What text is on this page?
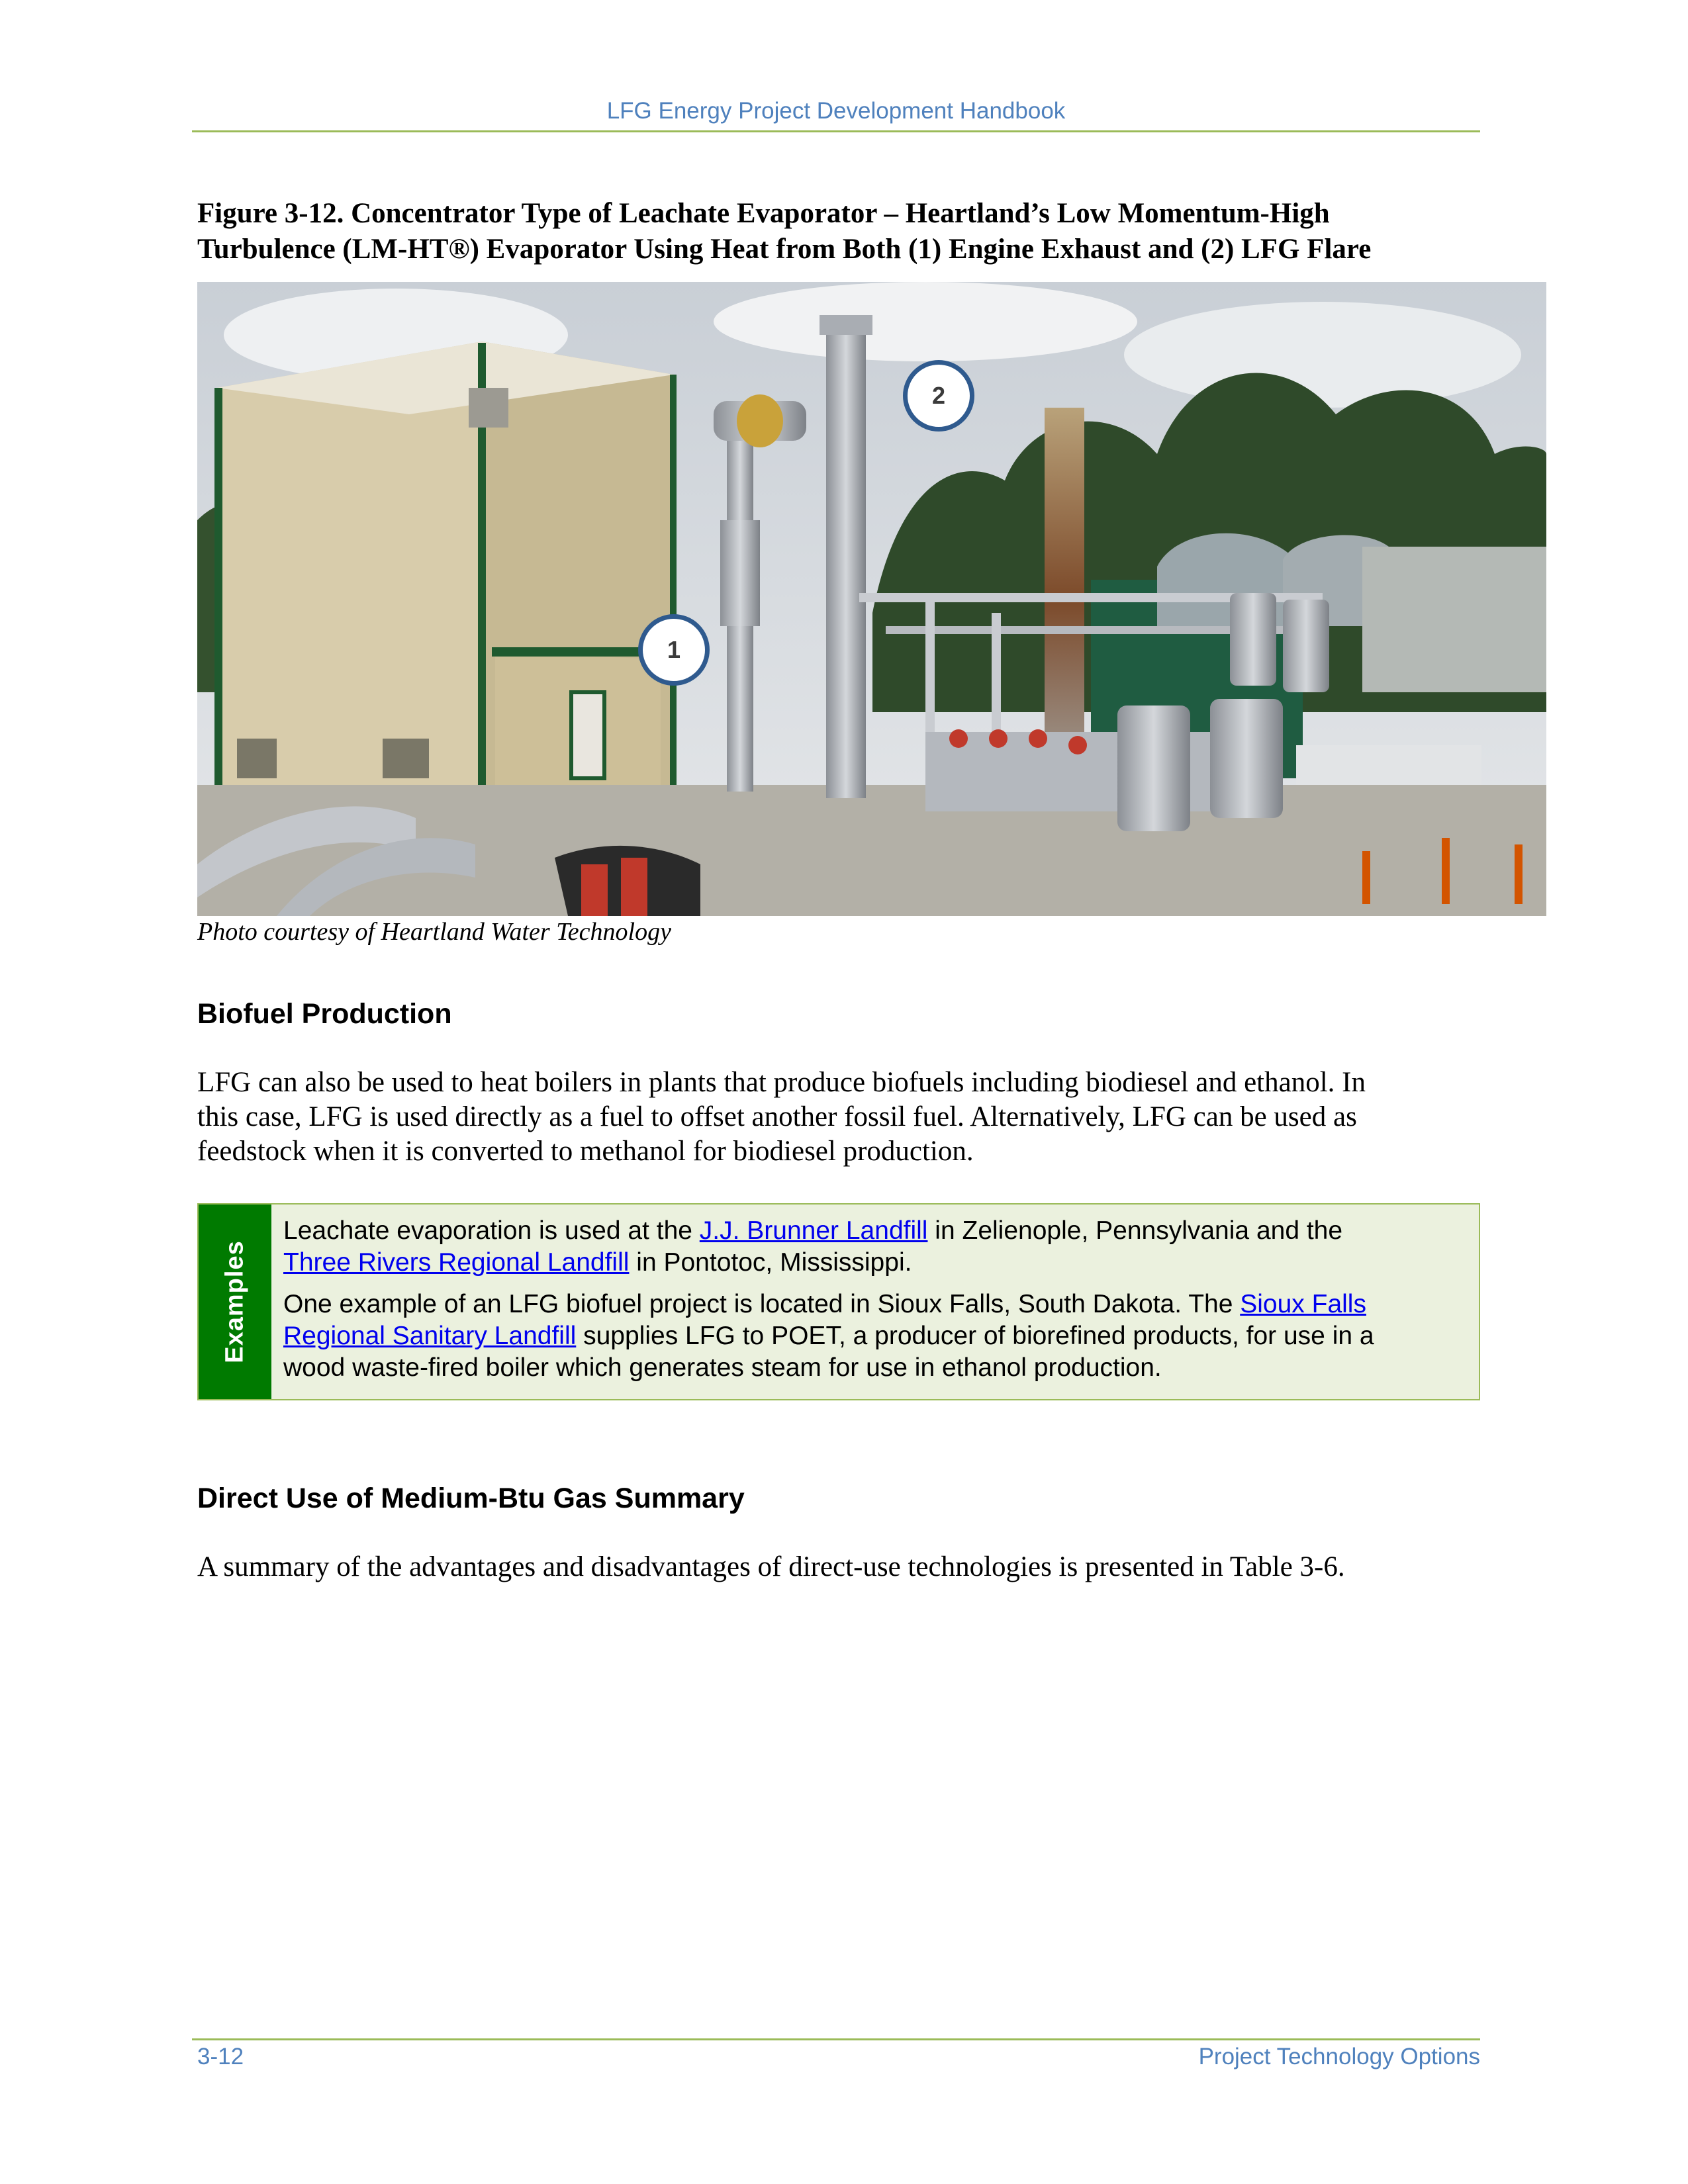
LFG Energy Project Development Handbook
Figure 3-12. Concentrator Type of Leachate Evaporator – Heartland’s Low Momentum-High
Turbulence (LM-HT®) Evaporator Using Heat from Both (1) Engine Exhaust and (2) LFG Flare
1
2
Photo courtesy of Heartland Water Technology
Biofuel Production
LFG can also be used to heat boilers in plants that produce biofuels including biodiesel and ethanol. In
this case, LFG is used directly as a fuel to offset another fossil fuel. Alternatively, LFG can be used as
feedstock when it is converted to methanol for biodiesel production.
Examples

Leachate evaporation is used at the J.J. Brunner Landfill in Zelienople, Pennsylvania and the
Three Rivers Regional Landfill in Pontotoc, Mississippi.

One example of an LFG biofuel project is located in Sioux Falls, South Dakota. The Sioux Falls
Regional Sanitary Landfill supplies LFG to POET, a producer of biorefined products, for use in a
wood waste-fired boiler which generates steam for use in ethanol production.

Direct Use of Medium-Btu Gas Summary
A summary of the advantages and disadvantages of direct-use technologies is presented in Table 3-6.
3-12	Project Technology Options
